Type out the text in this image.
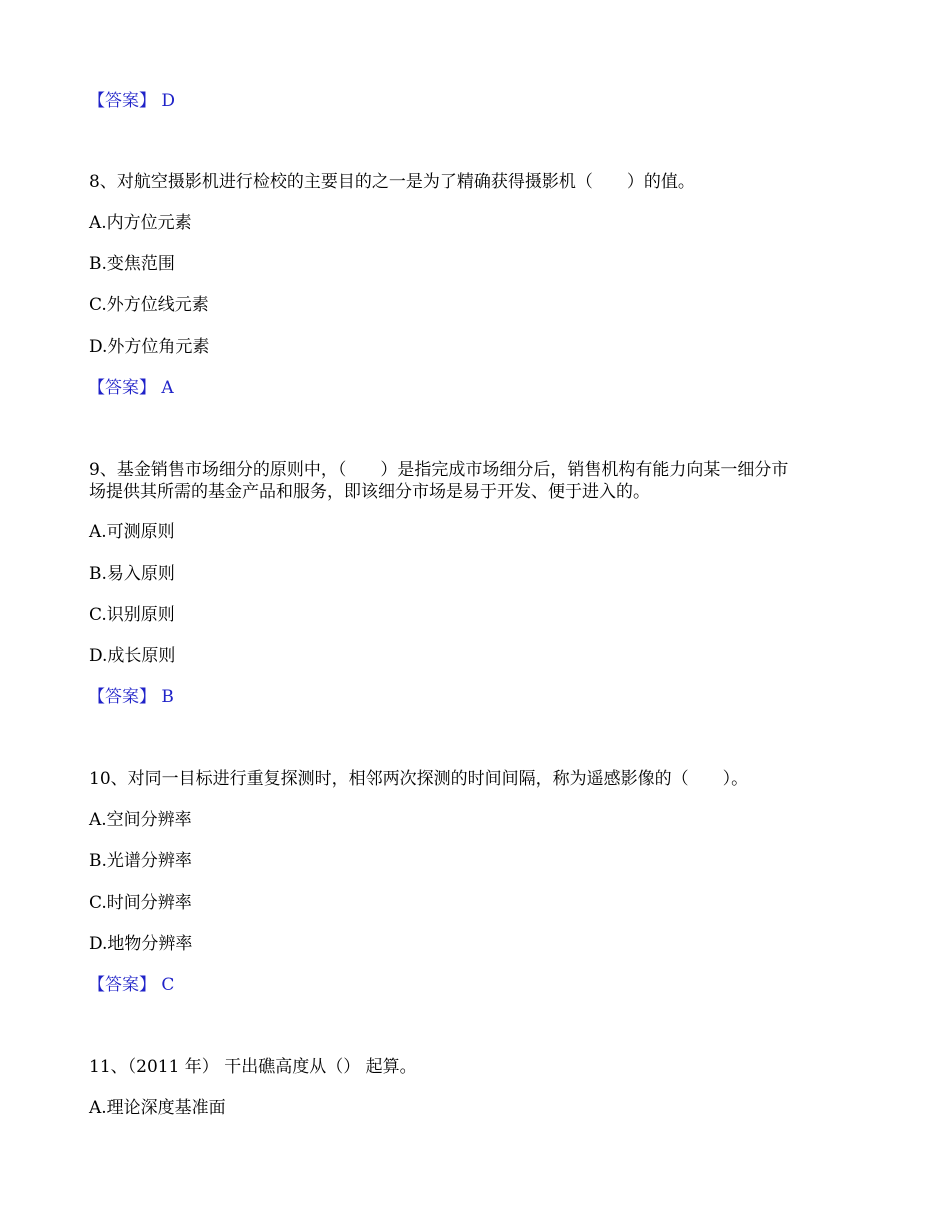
【答案】 D
8、对航空摄影机进行检校的主要目的之一是为了精确获得摄影机（　　）的值。
A.内方位元素
B.变焦范围
C.外方位线元素
D.外方位角元素
【答案】 A
9、基金销售市场细分的原则中，（　　）是指完成市场细分后，销售机构有能力向某一细分市
场提供其所需的基金产品和服务，即该细分市场是易于开发、便于进入的。
A.可测原则
B.易入原则
C.识别原则
D.成长原则
【答案】 B
10、对同一目标进行重复探测时，相邻两次探测的时间间隔，称为遥感影像的（　　）。
A.空间分辨率
B.光谱分辨率
C.时间分辨率
D.地物分辨率
【答案】 C
11、（2011 年） 干出礁高度从（） 起算。
A.理论深度基准面
